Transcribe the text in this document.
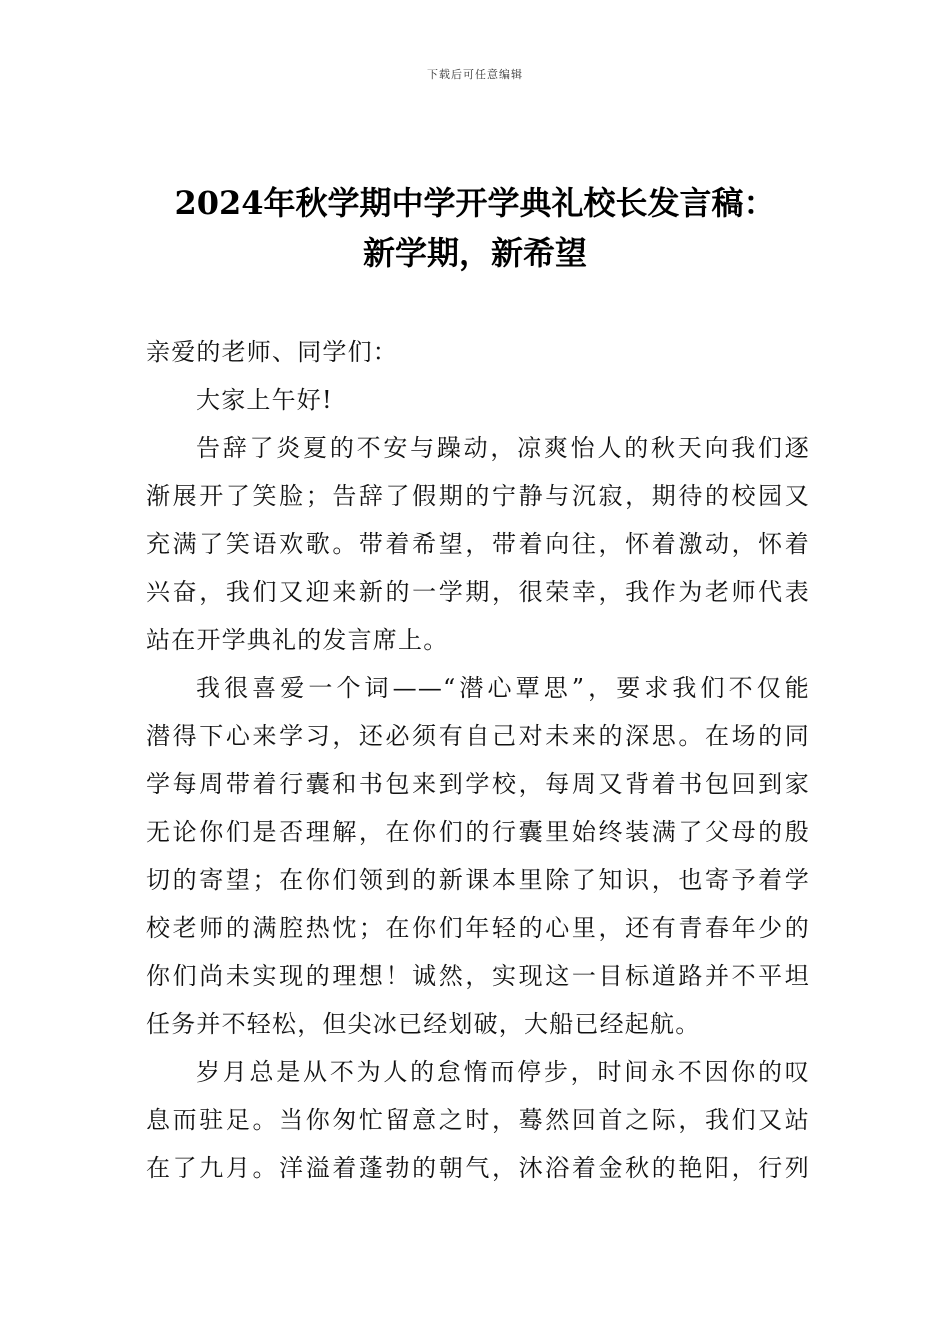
下载后可任意编辑
2024年秋学期中学开学典礼校长发言稿：
新学期，新希望
亲爱的老师、同学们：
大家上午好!
告辞了炎夏的不安与躁动，凉爽怡人的秋天向我们逐
渐展开了笑脸；告辞了假期的宁静与沉寂，期待的校园又
充满了笑语欢歌。带着希望，带着向往，怀着激动，怀着
兴奋，我们又迎来新的一学期，很荣幸，我作为老师代表
站在开学典礼的发言席上。
我很喜爱一个词——“潜心覃思”，要求我们不仅能
潜得下心来学习，还必须有自己对未来的深思。在场的同
学每周带着行囊和书包来到学校，每周又背着书包回到家
无论你们是否理解，在你们的行囊里始终装满了父母的殷
切的寄望；在你们领到的新课本里除了知识，也寄予着学
校老师的满腔热忱；在你们年轻的心里，还有青春年少的
你们尚未实现的理想！诚然，实现这一目标道路并不平坦
任务并不轻松，但尖冰已经划破，大船已经起航。
岁月总是从不为人的怠惰而停步，时间永不因你的叹
息而驻足。当你匆忙留意之时，蓦然回首之际，我们又站
在了九月。洋溢着蓬勃的朝气，沐浴着金秋的艳阳，行列
